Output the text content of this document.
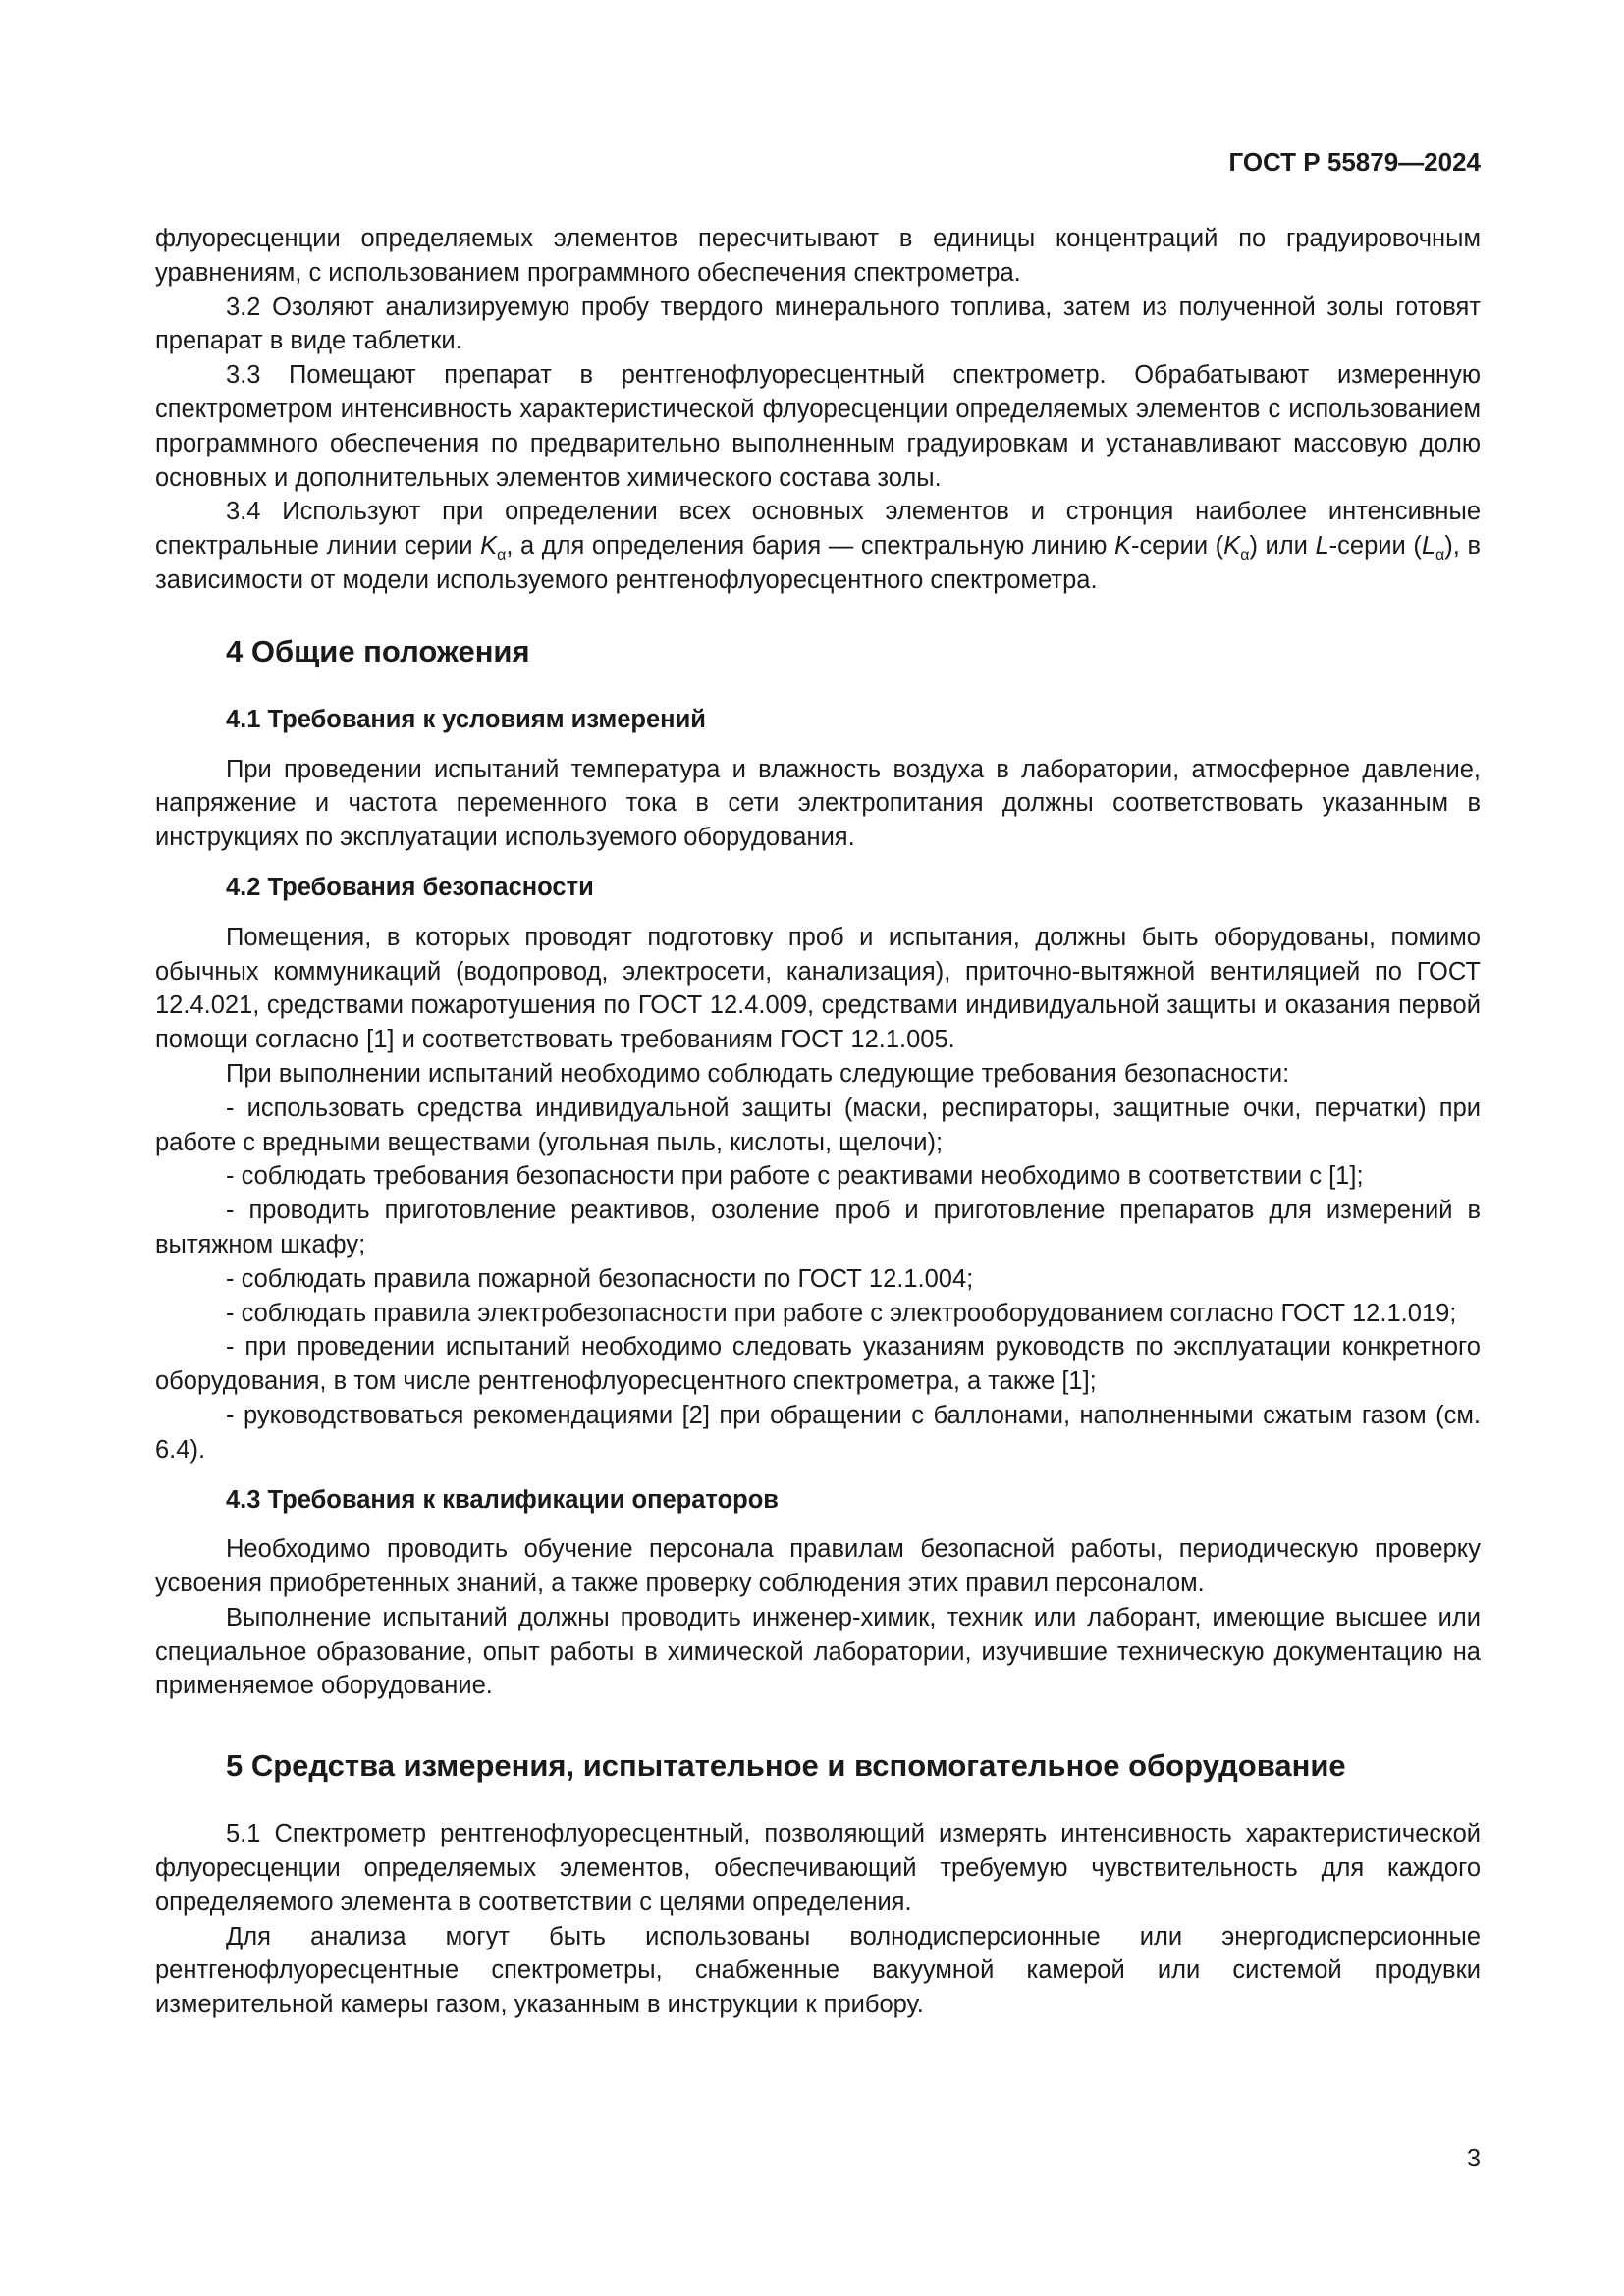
ГОСТ Р 55879—2024

флуоресценции определяемых элементов пересчитывают в единицы концентраций по градуировочным уравнениям, с использованием программного обеспечения спектрометра.

3.2 Озоляют анализируемую пробу твердого минерального топлива, затем из полученной золы готовят препарат в виде таблетки.

3.3 Помещают препарат в рентгенофлуоресцентный спектрометр. Обрабатывают измеренную спектрометром интенсивность характеристической флуоресценции определяемых элементов с использованием программного обеспечения по предварительно выполненным градуировкам и устанавливают массовую долю основных и дополнительных элементов химического состава золы.

3.4 Используют при определении всех основных элементов и стронция наиболее интенсивные спектральные линии серии $K_\alpha$, а для определения бария — спектральную линию K-серии $(K_\alpha)$ или L-серии $(L_\alpha)$, в зависимости от модели используемого рентгенофлуоресцентного спектрометра.

4 Общие положения
4.1 Требования к условиям измерений

При проведении испытаний температура и влажность воздуха в лаборатории, атмосферное давление, напряжение и частота переменного тока в сети электропитания должны соответствовать указанным в инструкциях по эксплуатации используемого оборудования.

4.2 Требования безопасности

Помещения, в которых проводят подготовку проб и испытания, должны быть оборудованы, помимо обычных коммуникаций (водопровод, электросети, канализация), приточно-вытяжной вентиляцией по ГОСТ 12.4.021, средствами пожаротушения по ГОСТ 12.4.009, средствами индивидуальной защиты и оказания первой помощи согласно [1] и соответствовать требованиям ГОСТ 12.1.005.

При выполнении испытаний необходимо соблюдать следующие требования безопасности:

- использовать средства индивидуальной защиты (маски, респираторы, защитные очки, перчатки) при работе с вредными веществами (угольная пыль, кислоты, щелочи);

- соблюдать требования безопасности при работе с реактивами необходимо в соответствии с [1];

- проводить приготовление реактивов, озоление проб и приготовление препаратов для измерений в вытяжном шкафу;

- соблюдать правила пожарной безопасности по ГОСТ 12.1.004;

- соблюдать правила электробезопасности при работе с электрооборудованием согласно ГОСТ 12.1.019;

- при проведении испытаний необходимо следовать указаниям руководств по эксплуатации конкретного оборудования, в том числе рентгенофлуоресцентного спектрометра, а также [1];

- руководствоваться рекомендациями [2] при обращении с баллонами, наполненными сжатым газом (см. 6.4).

4.3 Требования к квалификации операторов

Необходимо проводить обучение персонала правилам безопасной работы, периодическую проверку усвоения приобретенных знаний, а также проверку соблюдения этих правил персоналом.

Выполнение испытаний должны проводить инженер-химик, техник или лаборант, имеющие высшее или специальное образование, опыт работы в химической лаборатории, изучившие техническую документацию на применяемое оборудование.

5 Средства измерения, испытательное и вспомогательное оборудование

5.1 Спектрометр рентгенофлуоресцентный, позволяющий измерять интенсивность характеристической флуоресценции определяемых элементов, обеспечивающий требуемую чувствительность для каждого определяемого элемента в соответствии с целями определения.

Для анализа могут быть использованы волнодисперсионные или энергодисперсионные рентгенофлуоресцентные спектрометры, снабженные вакуумной камерой или системой продувки измерительной камеры газом, указанным в инструкции к прибору.

3
